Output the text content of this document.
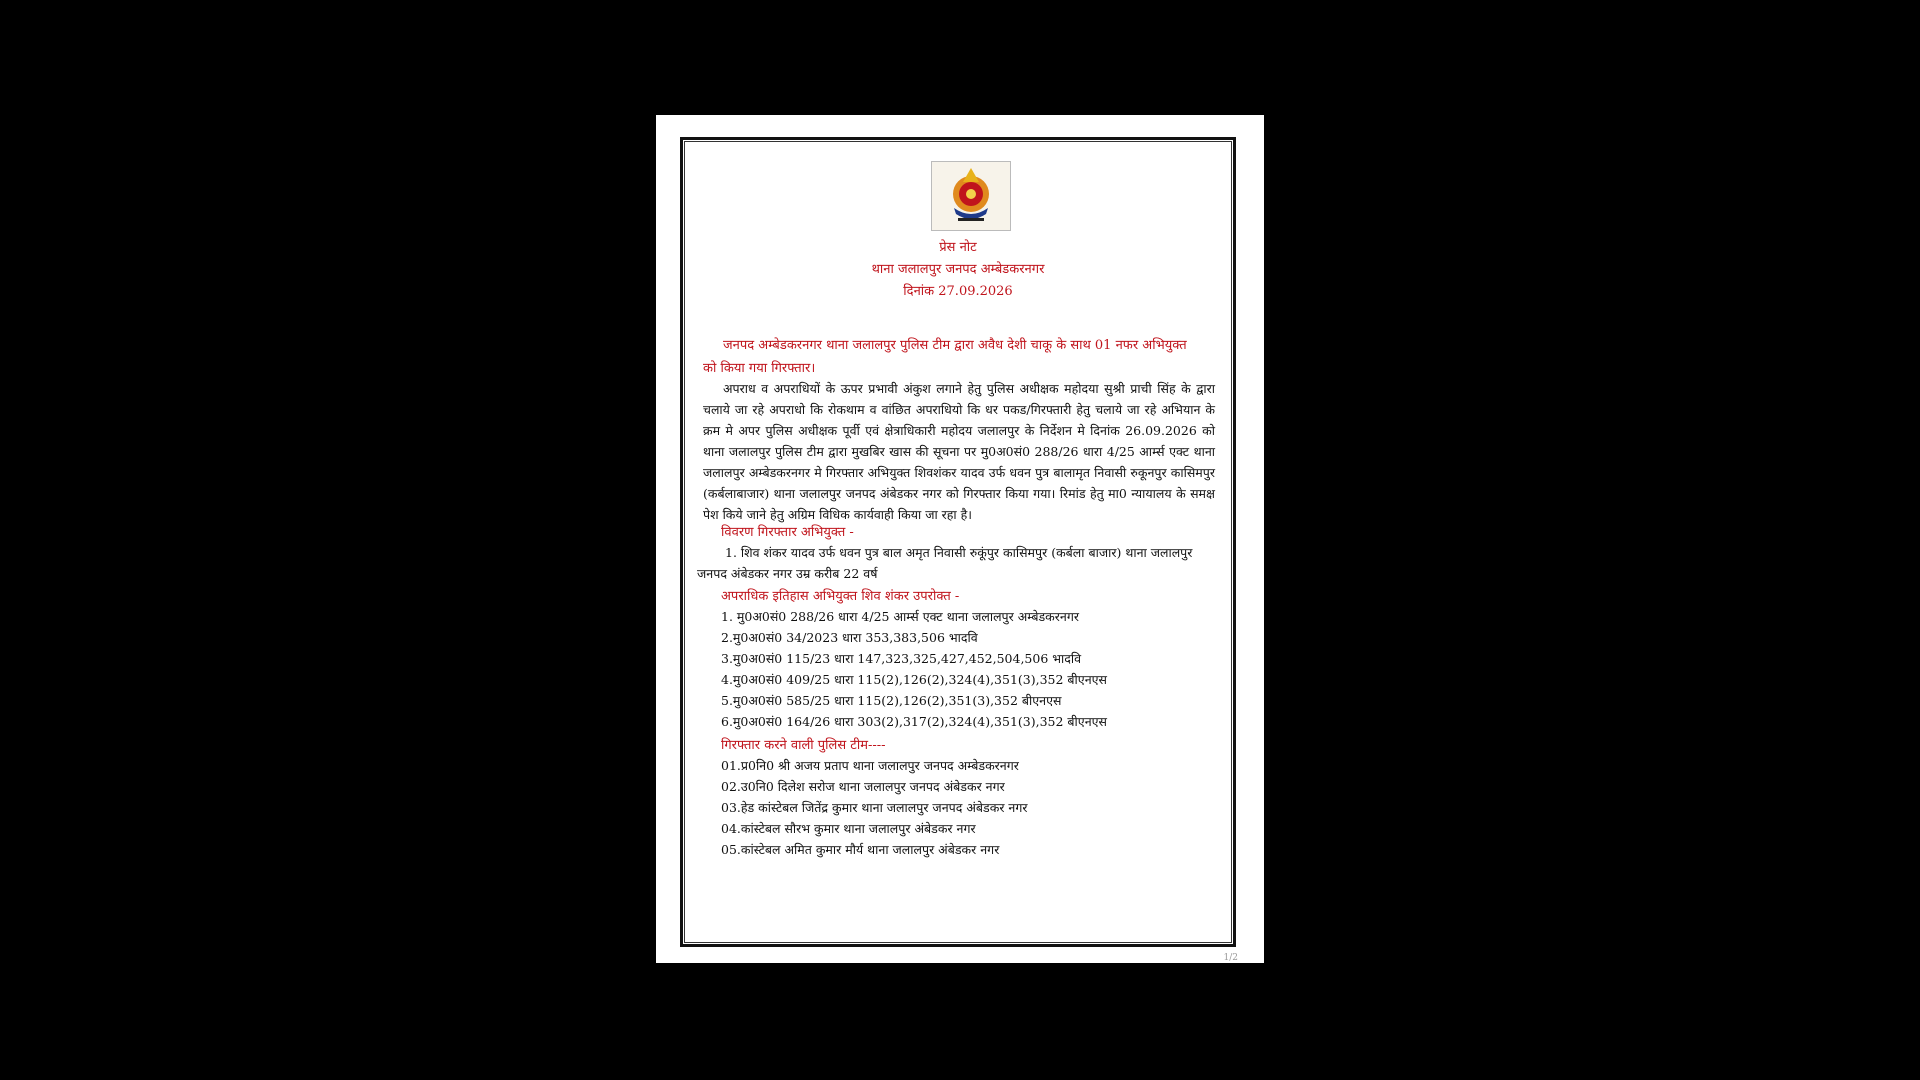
प्रेस नोट
थाना जलालपुर जनपद अम्बेडकरनगर
दिनांक 27.09.2026
जनपद अम्बेडकरनगर थाना जलालपुर पुलिस टीम द्वारा अवैध देशी चाकू के साथ 01 नफर अभियुक्त को किया गया गिरफ्तार।
अपराध व अपराधियों के ऊपर प्रभावी अंकुश लगाने हेतु पुलिस अधीक्षक महोदया सुश्री प्राची सिंह के द्वारा चलाये जा रहे अपराधो कि रोकथाम व वांछित अपराधियो कि धर पकड/गिरफ्तारी हेतु चलाये जा रहे अभियान के क्रम मे अपर पुलिस अधीक्षक पूर्वी एवं क्षेत्राधिकारी महोदय जलालपुर के निर्देशन मे दिनांक 26.09.2026 को थाना जलालपुर पुलिस टीम द्वारा मुखबिर खास की सूचना पर मु0अ0सं0 288/26 धारा 4/25 आर्म्स एक्ट थाना जलालपुर अम्बेडकरनगर मे गिरफ्तार अभियुक्त शिवशंकर यादव उर्फ धवन पुत्र बालामृत निवासी रुकूनपुर कासिमपुर (कर्बलाबाजार) थाना जलालपुर जनपद अंबेडकर नगर को गिरफ्तार किया गया। रिमांड हेतु मा0 न्यायालय के समक्ष पेश किये जाने हेतु अग्रिम विधिक कार्यवाही किया जा रहा है।
विवरण गिरफ्तार अभियुक्त -
1. शिव शंकर यादव उर्फ धवन पुत्र बाल अमृत निवासी रुकूंपुर कासिमपुर (कर्बला बाजार) थाना जलालपुर जनपद अंबेडकर नगर उम्र करीब 22 वर्ष
अपराधिक इतिहास अभियुक्त शिव शंकर उपरोक्त -
1. मु0अ0सं0 288/26 धारा 4/25 आर्म्स एक्ट थाना जलालपुर अम्बेडकरनगर
2.मु0अ0सं0 34/2023 धारा 353,383,506 भादवि
3.मु0अ0सं0 115/23 धारा 147,323,325,427,452,504,506 भादवि
4.मु0अ0सं0 409/25 धारा 115(2),126(2),324(4),351(3),352 बीएनएस
5.मु0अ0सं0 585/25 धारा 115(2),126(2),351(3),352 बीएनएस
6.मु0अ0सं0 164/26 धारा 303(2),317(2),324(4),351(3),352 बीएनएस
गिरफ्तार करने वाली पुलिस टीम----
01.प्र0नि0 श्री अजय प्रताप थाना जलालपुर जनपद अम्बेडकरनगर
02.उ0नि0 दिलेश सरोज थाना जलालपुर जनपद अंबेडकर नगर
03.हेड कांस्टेबल जितेंद्र कुमार थाना जलालपुर जनपद अंबेडकर नगर
04.कांस्टेबल सौरभ कुमार थाना जलालपुर अंबेडकर नगर
05.कांस्टेबल अमित कुमार मौर्य थाना जलालपुर अंबेडकर नगर
1/2
